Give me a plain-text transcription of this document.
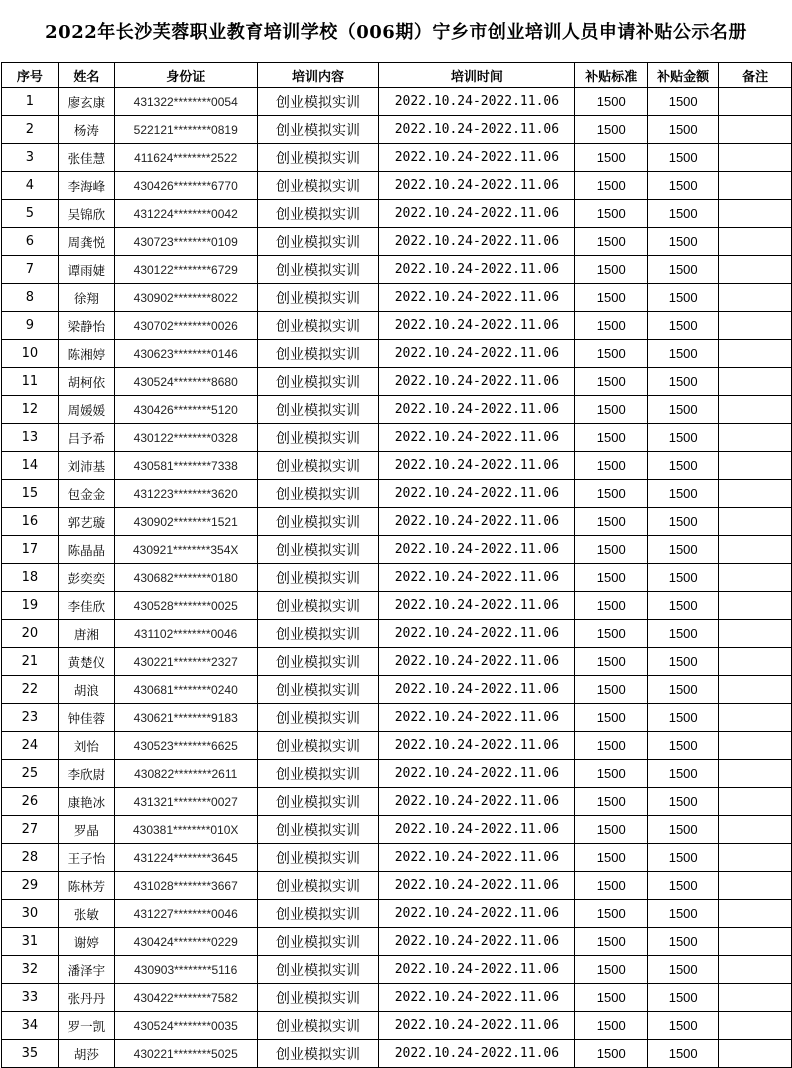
2022年长沙芙蓉职业教育培训学校（006期）宁乡市创业培训人员申请补贴公示名册
序号	姓名	身份证	培训内容	培训时间	补贴标准	补贴金额	备注
1	廖玄康	431322********0054	创业模拟实训	2022.10.24-2022.11.06	1500	1500	
2	杨涛	522121********0819	创业模拟实训	2022.10.24-2022.11.06	1500	1500	
3	张佳慧	411624********2522	创业模拟实训	2022.10.24-2022.11.06	1500	1500	
4	李海峰	430426********6770	创业模拟实训	2022.10.24-2022.11.06	1500	1500	
5	吴锦欣	431224********0042	创业模拟实训	2022.10.24-2022.11.06	1500	1500	
6	周龚悦	430723********0109	创业模拟实训	2022.10.24-2022.11.06	1500	1500	
7	谭雨婕	430122********6729	创业模拟实训	2022.10.24-2022.11.06	1500	1500	
8	徐翔	430902********8022	创业模拟实训	2022.10.24-2022.11.06	1500	1500	
9	梁静怡	430702********0026	创业模拟实训	2022.10.24-2022.11.06	1500	1500	
10	陈湘婷	430623********0146	创业模拟实训	2022.10.24-2022.11.06	1500	1500	
11	胡柯依	430524********8680	创业模拟实训	2022.10.24-2022.11.06	1500	1500	
12	周媛媛	430426********5120	创业模拟实训	2022.10.24-2022.11.06	1500	1500	
13	吕予希	430122********0328	创业模拟实训	2022.10.24-2022.11.06	1500	1500	
14	刘沛基	430581********7338	创业模拟实训	2022.10.24-2022.11.06	1500	1500	
15	包金金	431223********3620	创业模拟实训	2022.10.24-2022.11.06	1500	1500	
16	郭艺璇	430902********1521	创业模拟实训	2022.10.24-2022.11.06	1500	1500	
17	陈晶晶	430921********354X	创业模拟实训	2022.10.24-2022.11.06	1500	1500	
18	彭奕奕	430682********0180	创业模拟实训	2022.10.24-2022.11.06	1500	1500	
19	李佳欣	430528********0025	创业模拟实训	2022.10.24-2022.11.06	1500	1500	
20	唐湘	431102********0046	创业模拟实训	2022.10.24-2022.11.06	1500	1500	
21	黄楚仪	430221********2327	创业模拟实训	2022.10.24-2022.11.06	1500	1500	
22	胡浪	430681********0240	创业模拟实训	2022.10.24-2022.11.06	1500	1500	
23	钟佳蓉	430621********9183	创业模拟实训	2022.10.24-2022.11.06	1500	1500	
24	刘怡	430523********6625	创业模拟实训	2022.10.24-2022.11.06	1500	1500	
25	李欣尉	430822********2611	创业模拟实训	2022.10.24-2022.11.06	1500	1500	
26	康艳冰	431321********0027	创业模拟实训	2022.10.24-2022.11.06	1500	1500	
27	罗晶	430381********010X	创业模拟实训	2022.10.24-2022.11.06	1500	1500	
28	王子怡	431224********3645	创业模拟实训	2022.10.24-2022.11.06	1500	1500	
29	陈林芳	431028********3667	创业模拟实训	2022.10.24-2022.11.06	1500	1500	
30	张敏	431227********0046	创业模拟实训	2022.10.24-2022.11.06	1500	1500	
31	谢婷	430424********0229	创业模拟实训	2022.10.24-2022.11.06	1500	1500	
32	潘泽宇	430903********5116	创业模拟实训	2022.10.24-2022.11.06	1500	1500	
33	张丹丹	430422********7582	创业模拟实训	2022.10.24-2022.11.06	1500	1500	
34	罗一凯	430524********0035	创业模拟实训	2022.10.24-2022.11.06	1500	1500	
35	胡莎	430221********5025	创业模拟实训	2022.10.24-2022.11.06	1500	1500	
